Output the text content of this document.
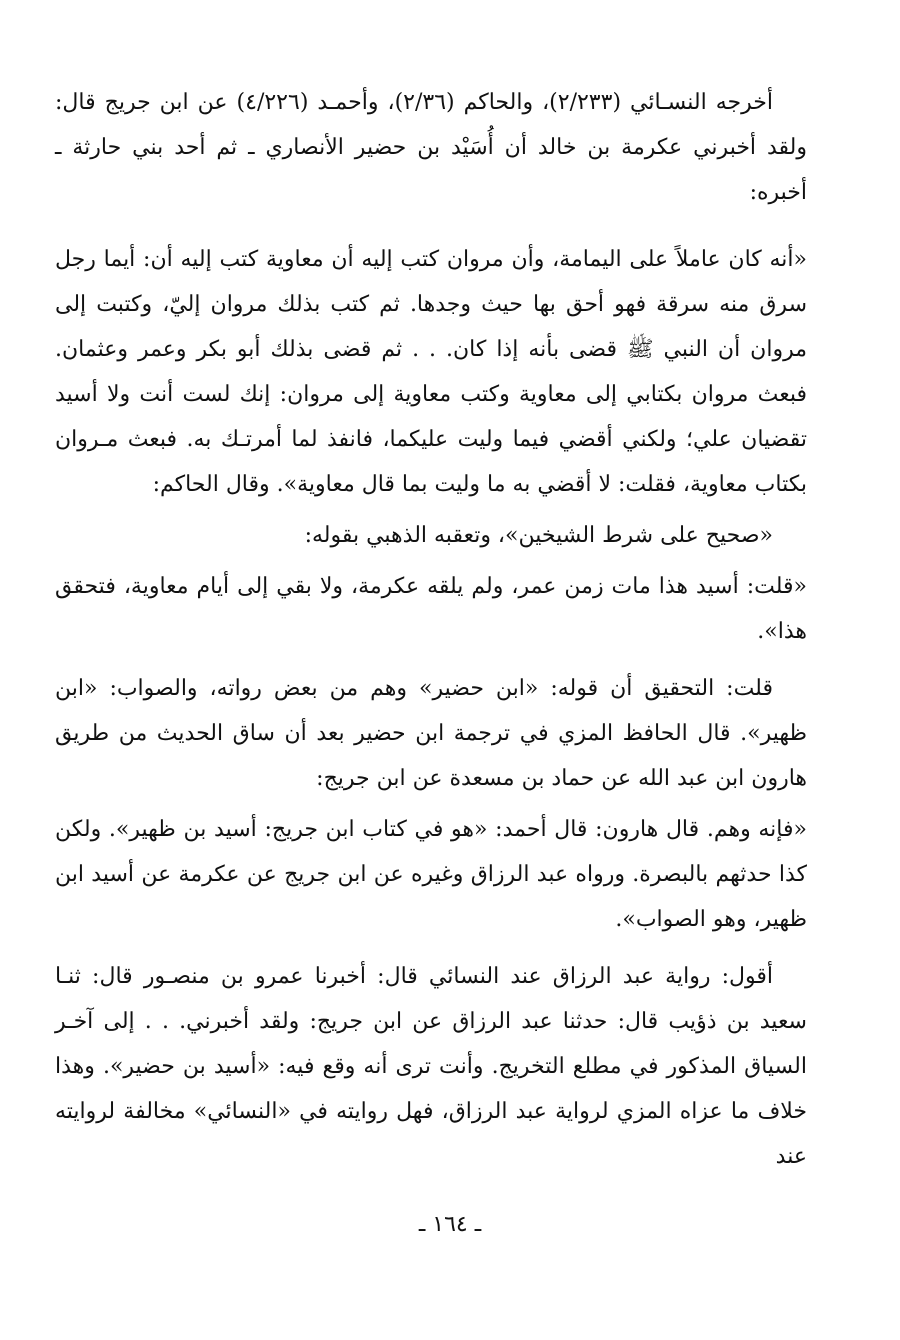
أخرجه النسـائي (٢/٢٣٣)، والحاكم (٢/٣٦)، وأحمـد (٤/٢٢٦) عن ابن جريج قال: ولقد أخبرني عكرمة بن خالد أن أُسَيْد بن حضير الأنصاري ـ ثم أحد بني حارثة ـ أخبره:

«أنه كان عاملاً على اليمامة، وأن مروان كتب إليه أن معاوية كتب إليه أن: أيما رجل سرق منه سرقة فهو أحق بها حيث وجدها. ثم كتب بذلك مروان إليّ، وكتبت إلى مروان أن النبي ﷺ قضى بأنه إذا كان. . . ثم قضى بذلك أبو بكر وعمر وعثمان. فبعث مروان بكتابي إلى معاوية وكتب معاوية إلى مروان: إنك لست أنت ولا أسيد تقضيان علي؛ ولكني أقضي فيما وليت عليكما، فانفذ لما أمرتـك به. فبعث مـروان بكتاب معاوية، فقلت: لا أقضي به ما وليت بما قال معاوية». وقال الحاكم:

«صحيح على شرط الشيخين»، وتعقبه الذهبي بقوله:

«قلت: أسيد هذا مات زمن عمر، ولم يلقه عكرمة، ولا بقي إلى أيام معاوية، فتحقق هذا».

قلت: التحقيق أن قوله: «ابن حضير» وهم من بعض رواته، والصواب: «ابن ظهير». قال الحافظ المزي في ترجمة ابن حضير بعد أن ساق الحديث من طريق هارون ابن عبد الله عن حماد بن مسعدة عن ابن جريج:

«فإنه وهم. قال هارون: قال أحمد: «هو في كتاب ابن جريج: أسيد بن ظهير». ولكن كذا حدثهم بالبصرة. ورواه عبد الرزاق وغيره عن ابن جريج عن عكرمة عن أسيد ابن ظهير، وهو الصواب».

أقول: رواية عبد الرزاق عند النسائي قال: أخبرنا عمرو بن منصـور قال: ثنـا سعيد بن ذؤيب قال: حدثنا عبد الرزاق عن ابن جريج: ولقد أخبرني. . . إلى آخـر السياق المذكور في مطلع التخريج. وأنت ترى أنه وقع فيه: «أسيد بن حضير». وهذا خلاف ما عزاه المزي لرواية عبد الرزاق، فهل روايته في «النسائي» مخالفة لروايته عند

ـ ١٦٤ ـ
